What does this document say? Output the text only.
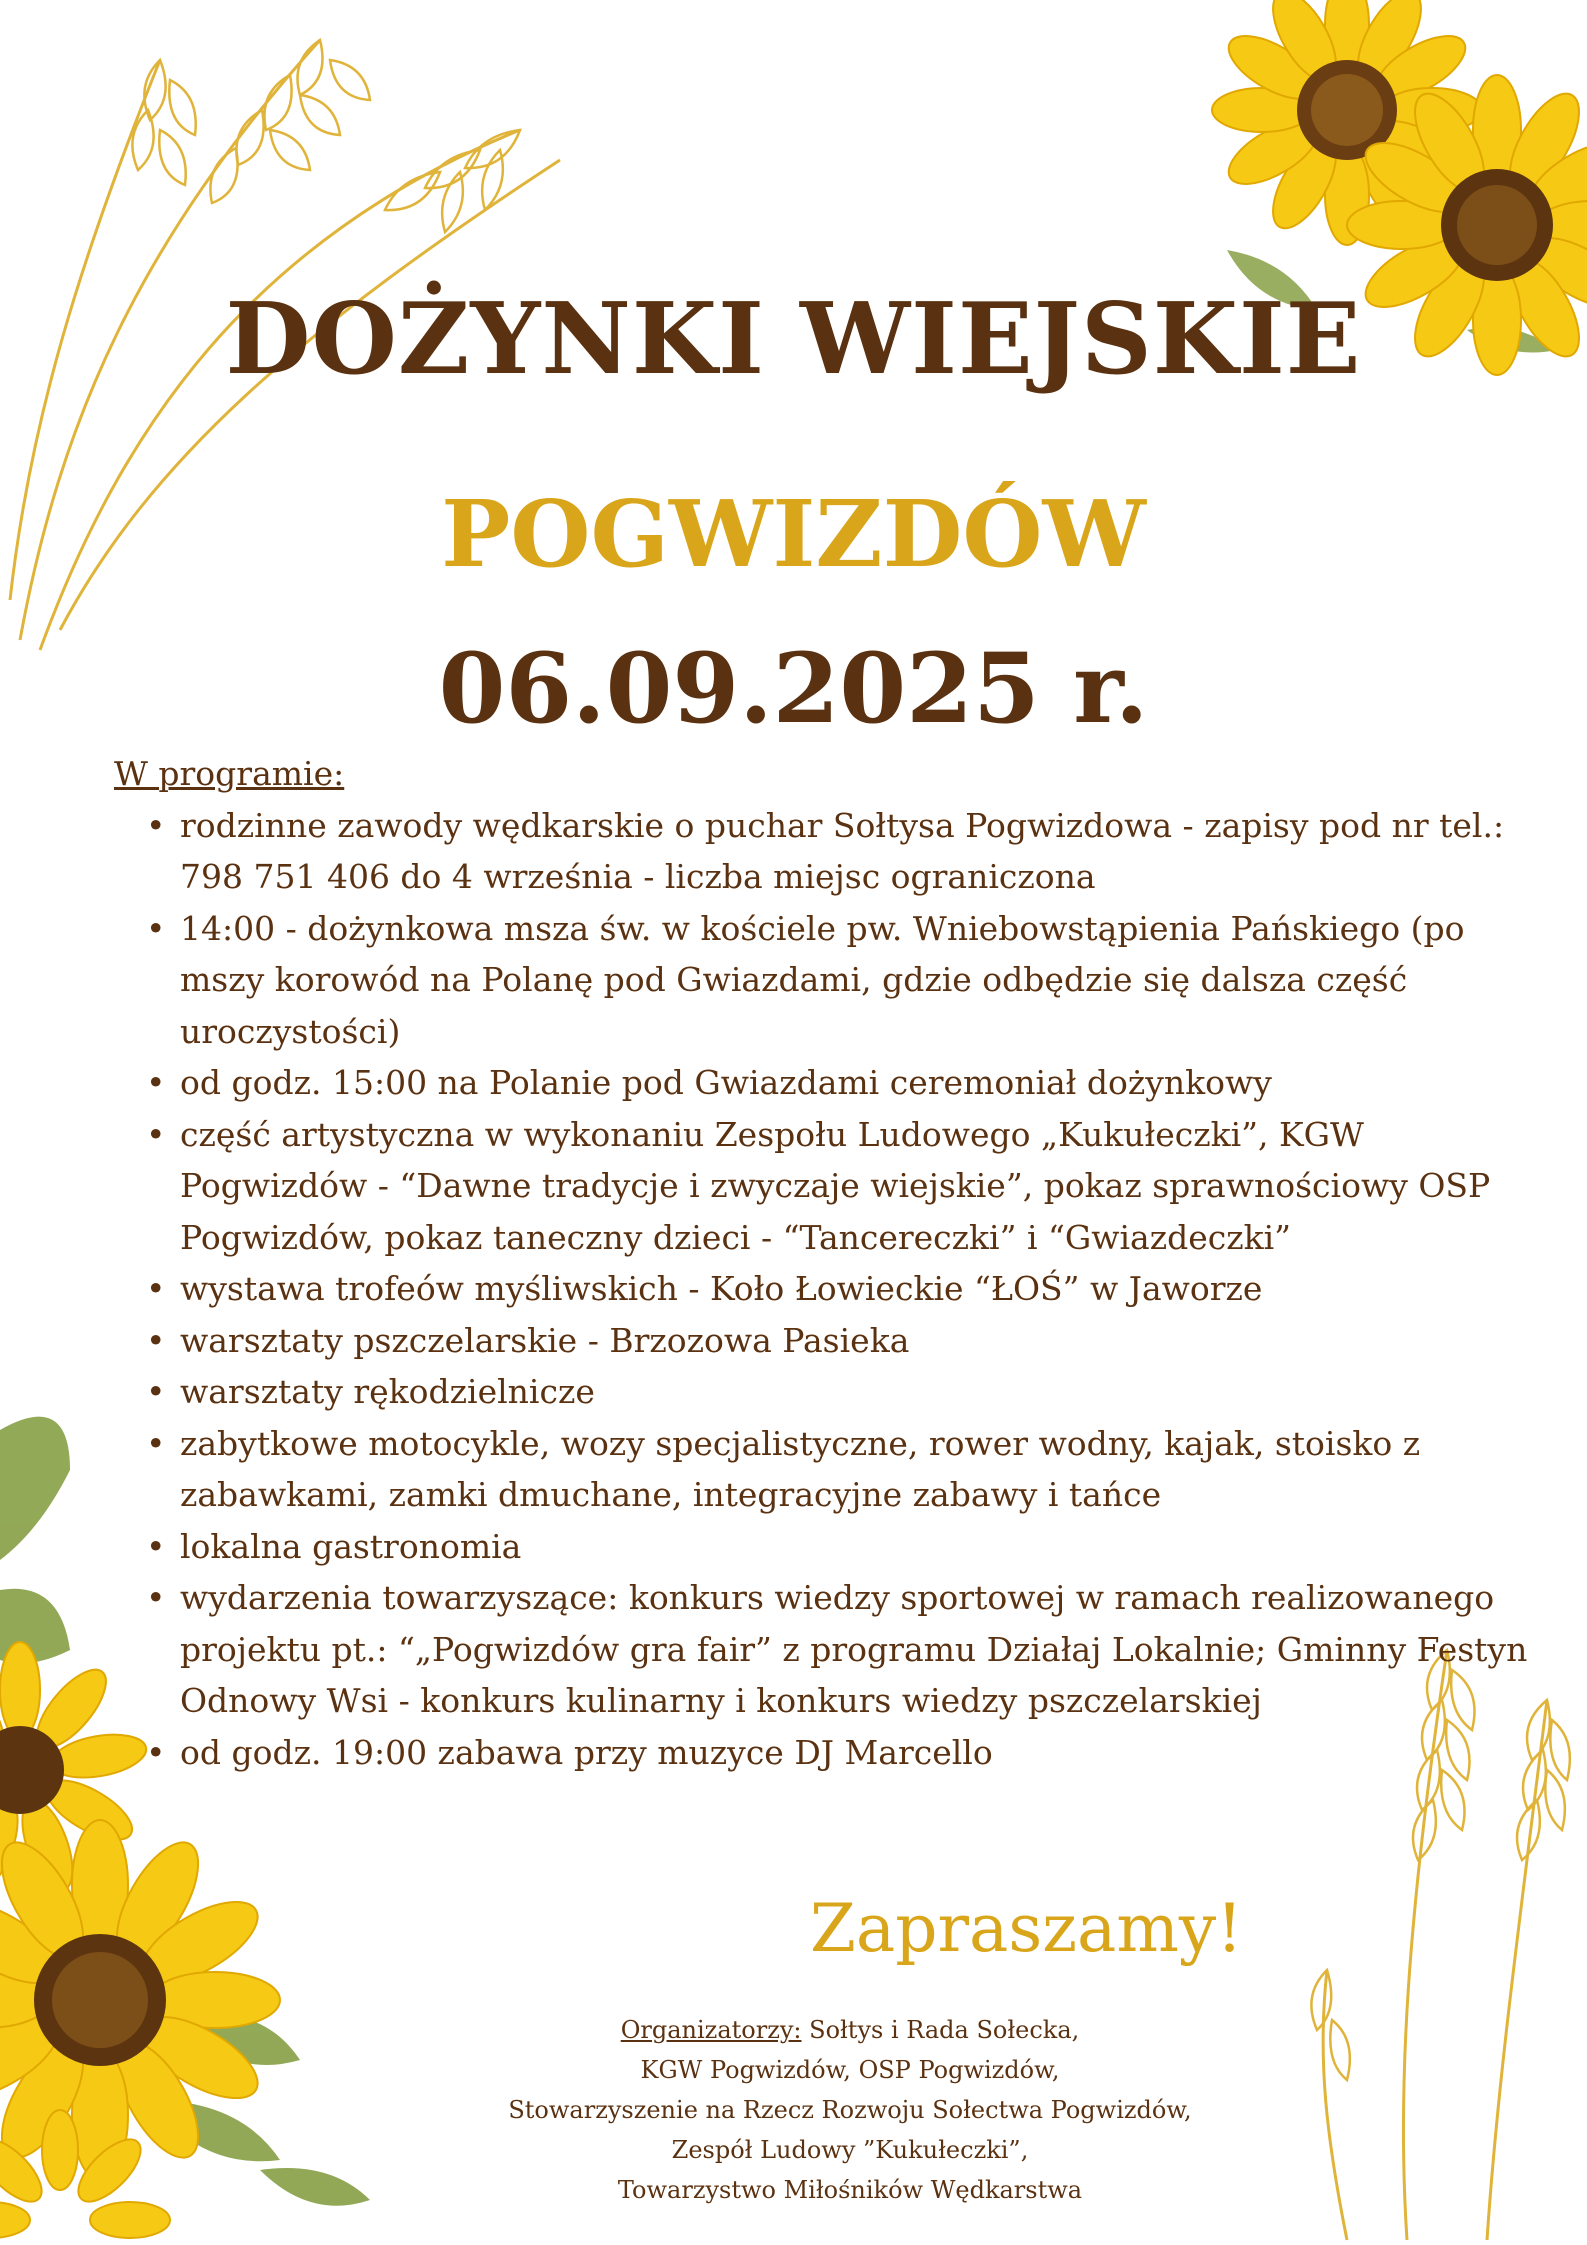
DOŻYNKI WIEJSKIE
POGWIZDÓW
06.09.2025 r.
W programie:
• rodzinne zawody wędkarskie o puchar Sołtysa Pogwizdowa - zapisy pod nr tel.: 798 751 406 do 4 września - liczba miejsc ograniczona
• 14:00 - dożynkowa msza św. w kościele pw. Wniebowstąpienia Pańskiego (po mszy korowód na Polanę pod Gwiazdami, gdzie odbędzie się dalsza część uroczystości)
• od godz. 15:00 na Polanie pod Gwiazdami ceremoniał dożynkowy
• część artystyczna w wykonaniu Zespołu Ludowego „Kukułeczki”, KGW Pogwizdów - “Dawne tradycje i zwyczaje wiejskie”, pokaz sprawnościowy OSP Pogwizdów, pokaz taneczny dzieci - “Tancereczki” i “Gwiazdeczki”
• wystawa trofeów myśliwskich - Koło Łowieckie “ŁOŚ” w Jaworze
• warsztaty pszczelarskie - Brzozowa Pasieka
• warsztaty rękodzielnicze
• zabytkowe motocykle, wozy specjalistyczne, rower wodny, kajak, stoisko z zabawkami, zamki dmuchane, integracyjne zabawy i tańce
• lokalna gastronomia
• wydarzenia towarzyszące: konkurs wiedzy sportowej w ramach realizowanego projektu pt.: “„Pogwizdów gra fair” z programu Działaj Lokalnie; Gminny Festyn Odnowy Wsi - konkurs kulinarny i konkurs wiedzy pszczelarskiej
• od godz. 19:00 zabawa przy muzyce DJ Marcello
Zapraszamy!
Organizatorzy: Sołtys i Rada Sołecka,
KGW Pogwizdów, OSP Pogwizdów,
Stowarzyszenie na Rzecz Rozwoju Sołectwa Pogwizdów,
Zespół Ludowy ”Kukułeczki”,
Towarzystwo Miłośników Wędkarstwa
